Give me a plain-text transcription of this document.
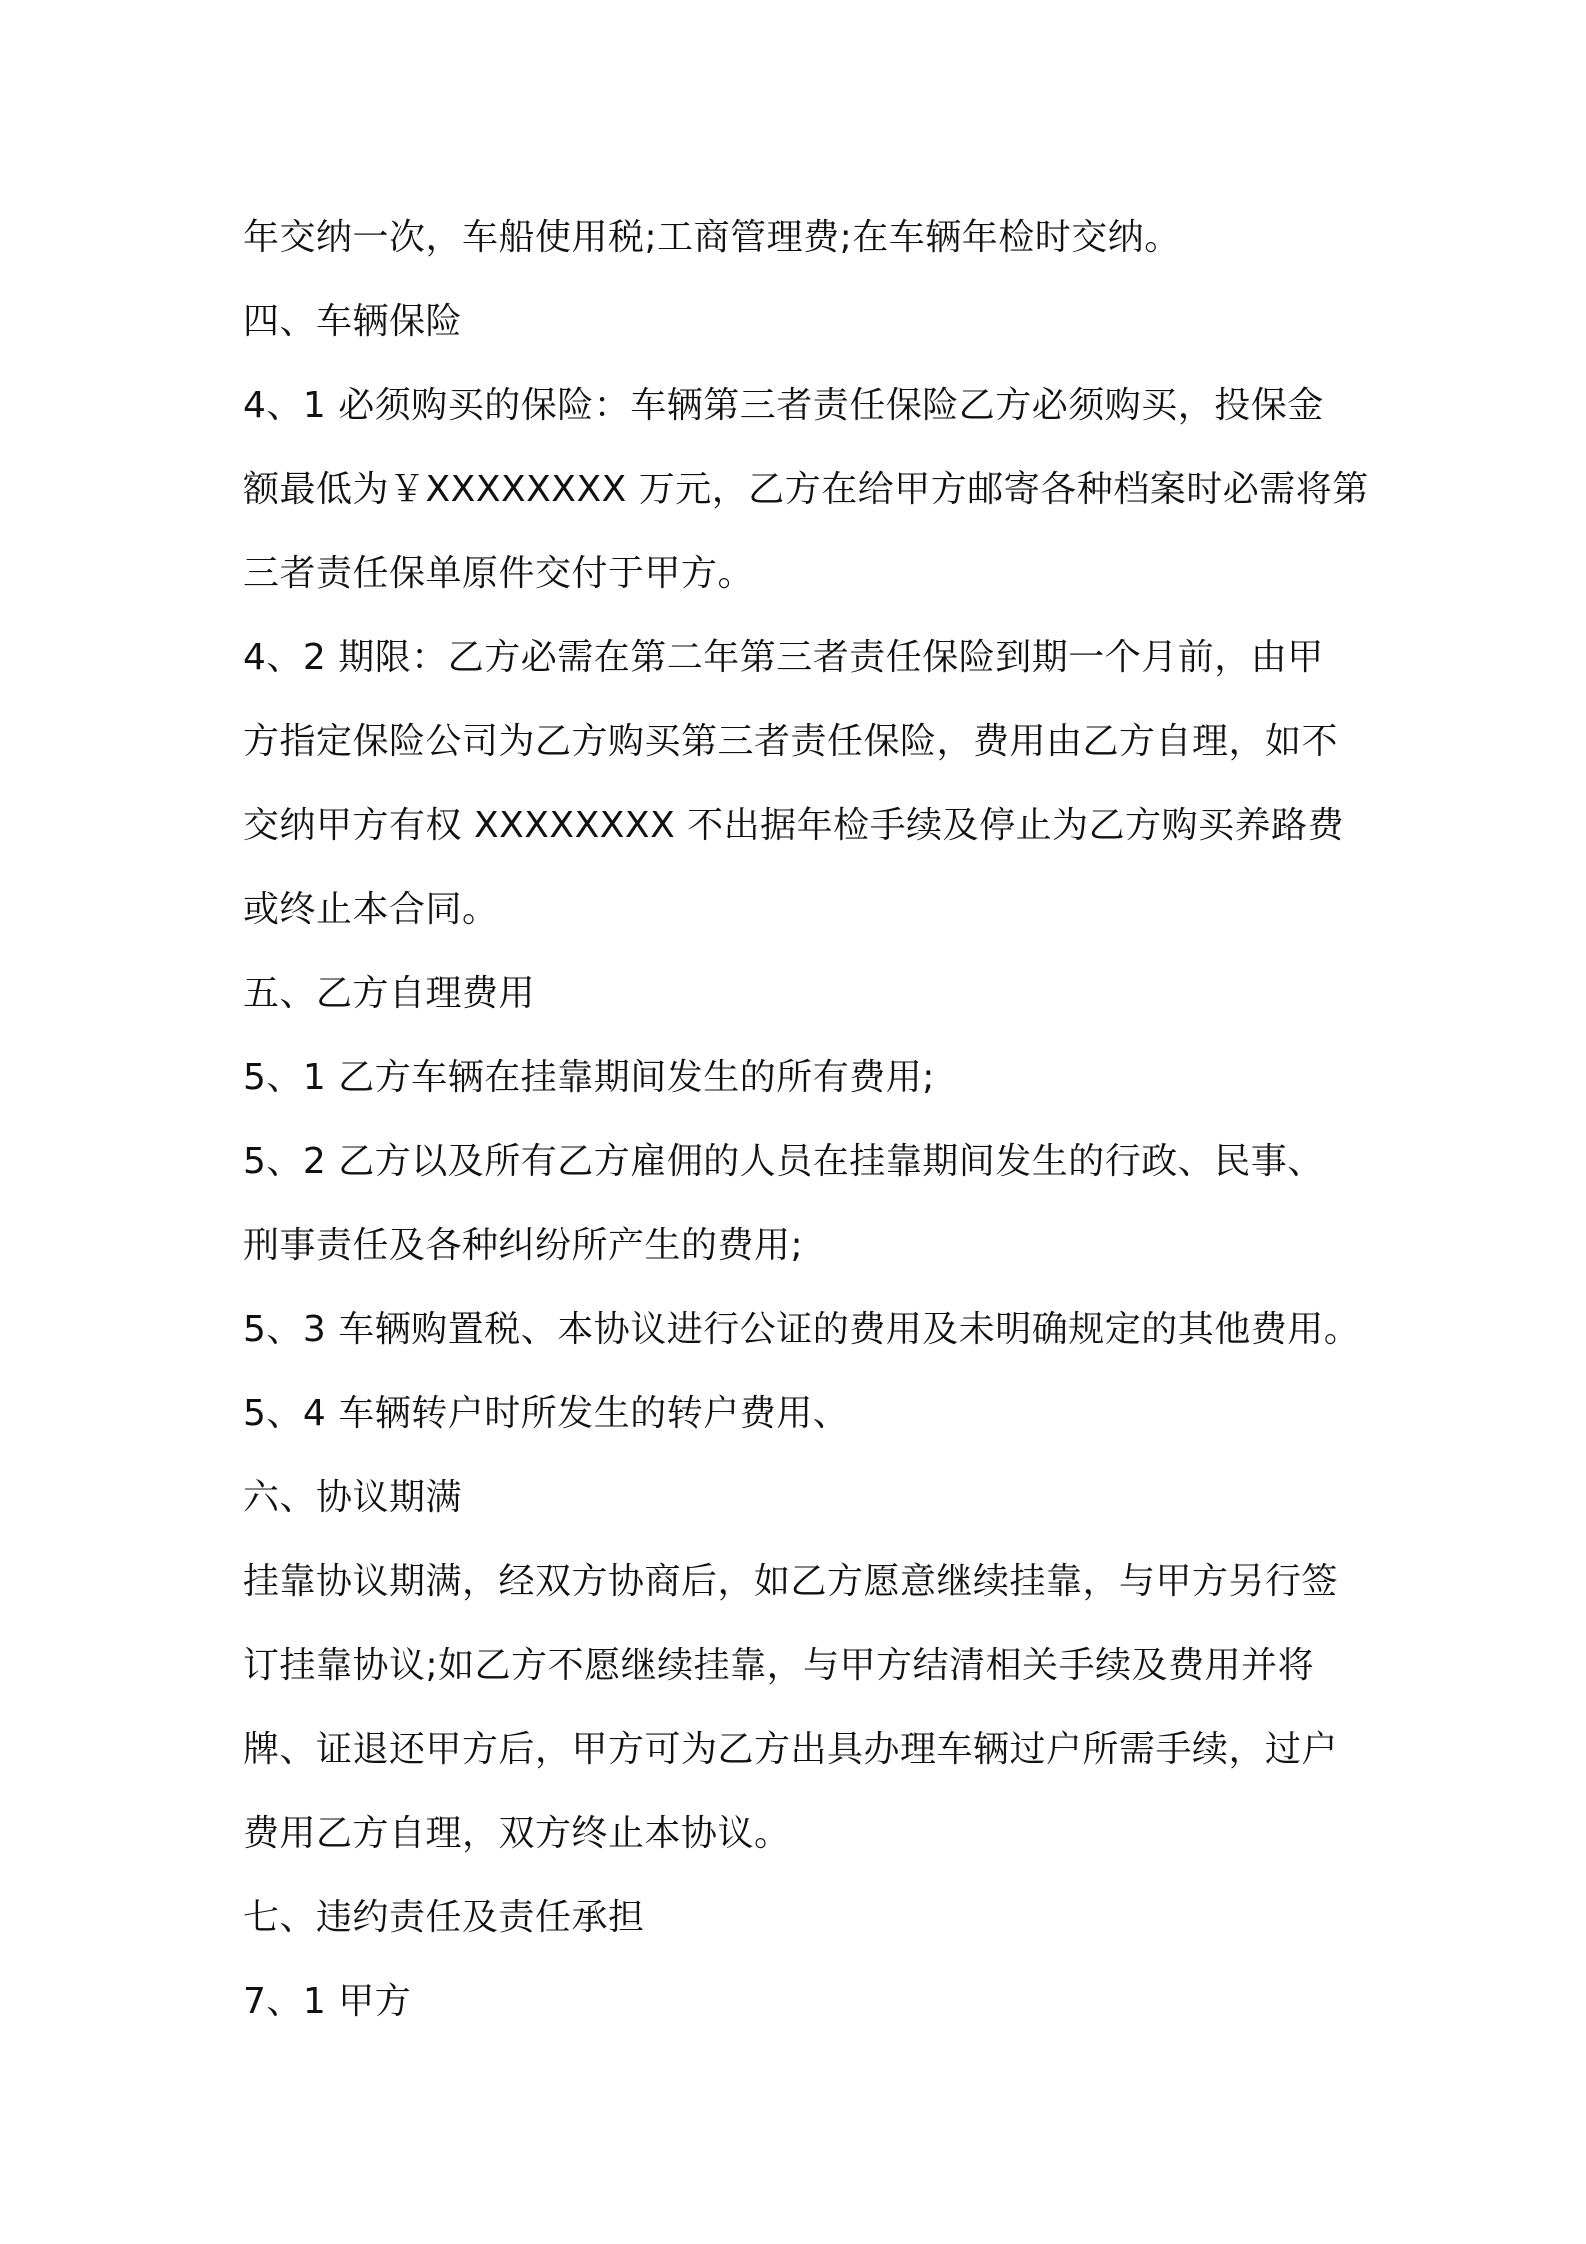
年交纳一次，车船使用税;工商管理费;在车辆年检时交纳。
四、车辆保险
4、1 必须购买的保险：车辆第三者责任保险乙方必须购买，投保金
额最低为￥XXXXXXXX 万元，乙方在给甲方邮寄各种档案时必需将第
三者责任保单原件交付于甲方。
4、2 期限：乙方必需在第二年第三者责任保险到期一个月前，由甲
方指定保险公司为乙方购买第三者责任保险，费用由乙方自理，如不
交纳甲方有权 XXXXXXXX 不出据年检手续及停止为乙方购买养路费
或终止本合同。
五、乙方自理费用
5、1 乙方车辆在挂靠期间发生的所有费用;
5、2 乙方以及所有乙方雇佣的人员在挂靠期间发生的行政、民事、
刑事责任及各种纠纷所产生的费用;
5、3 车辆购置税、本协议进行公证的费用及未明确规定的其他费用。
5、4 车辆转户时所发生的转户费用、
六、协议期满
挂靠协议期满，经双方协商后，如乙方愿意继续挂靠，与甲方另行签
订挂靠协议;如乙方不愿继续挂靠，与甲方结清相关手续及费用并将
牌、证退还甲方后，甲方可为乙方出具办理车辆过户所需手续，过户
费用乙方自理，双方终止本协议。
七、违约责任及责任承担
7、1 甲方
